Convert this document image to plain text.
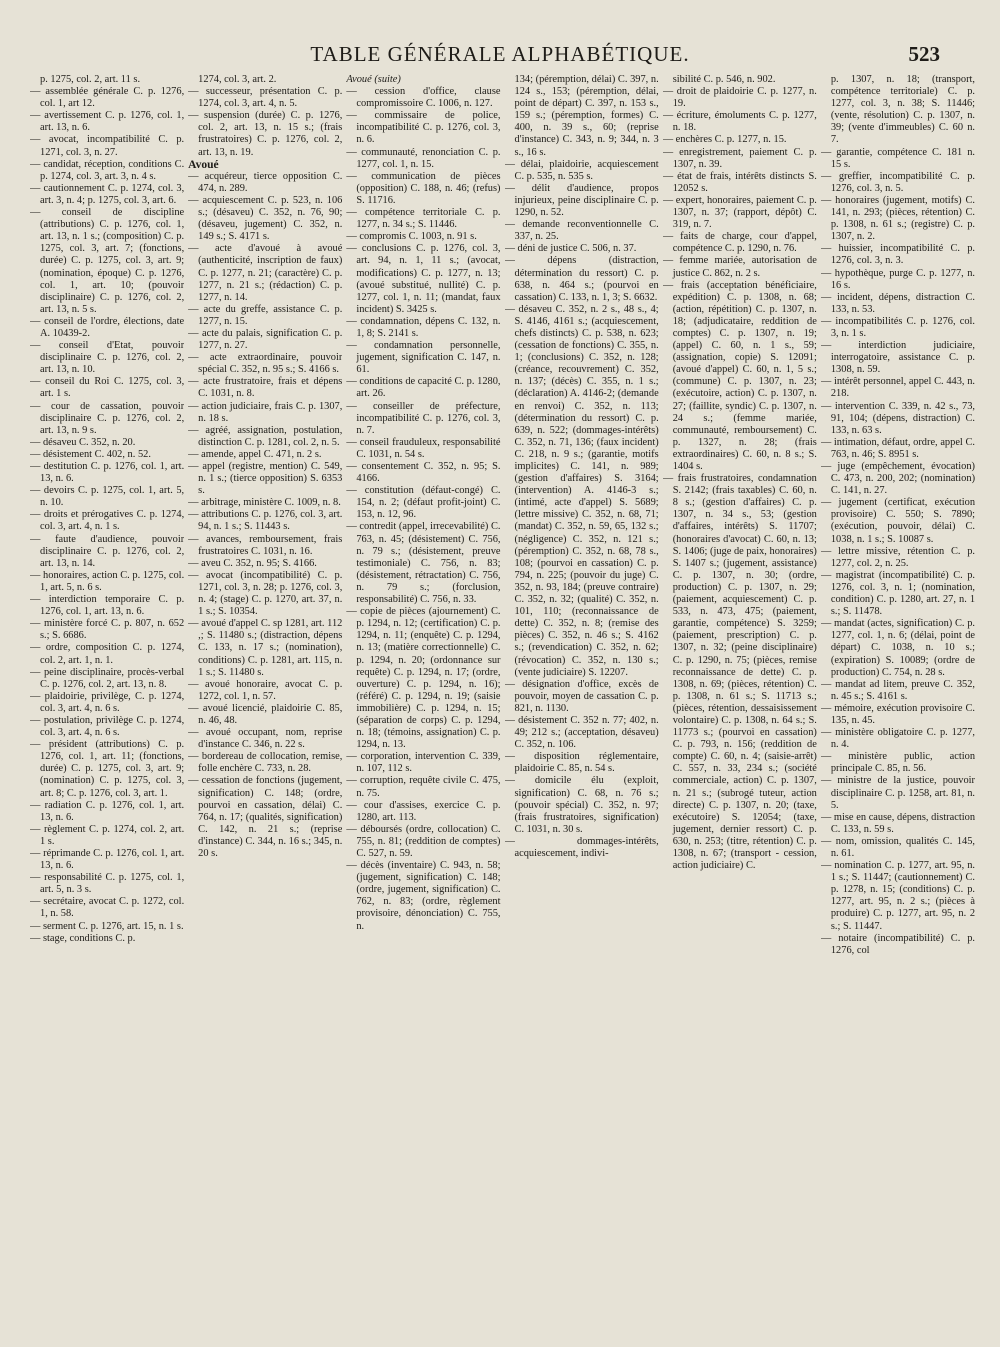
TABLE GÉNÉRALE ALPHABÉTIQUE.	523

p. 1275, col. 2, art. 11 s.

— assemblée générale C. p. 1276, col. 1, art 12.

— avertissement C. p. 1276, col. 1, art. 13, n. 6.

— avocat, incompatibilité C. p. 1271, col. 3, n. 27.

— candidat, réception, conditions C. p. 1274, col. 3, art. 3, n. 4 s.

— cautionnement C. p. 1274, col. 3, art. 3, n. 4; p. 1275, col. 3, art. 6.

— conseil de discipline (attributions) C. p. 1276, col. 1, art. 13, n. 1 s.; (composition) C. p. 1275, col. 3, art. 7; (fonctions, durée) C. p. 1275, col. 3, art. 9; (nomination, époque) C. p. 1276, col. 1, art. 10; (pouvoir disciplinaire) C. p. 1276, col. 2, art. 13, n. 5 s.

— conseil de l'ordre, élections, date A. 10439-2.

— conseil d'Etat, pouvoir disciplinaire C. p. 1276, col. 2, art. 13, n. 10.

— conseil du Roi C. 1275, col. 3, art. 1 s.

— cour de cassation, pouvoir disciplinaire C. p. 1276, col. 2, art. 13, n. 9 s.

— désaveu C. 352, n. 20.

— désistement C. 402, n. 52.

— destitution C. p. 1276, col. 1, art. 13, n. 6.

— devoirs C. p. 1275, col. 1, art. 5, n. 10.

— droits et prérogatives C. p. 1274, col. 3, art. 4, n. 1 s.

— faute d'audience, pouvoir disciplinaire C. p. 1276, col. 2, art. 13, n. 14.

— honoraires, action C. p. 1275, col. 1, art. 5, n. 6 s.

— interdiction temporaire C. p. 1276, col. 1, art. 13, n. 6.

— ministère forcé C. p. 807, n. 652 s.; S. 6686.

— ordre, composition C. p. 1274, col. 2, art. 1, n. 1.

— peine disciplinaire, procès-verbal C. p. 1276, col. 2, art. 13, n. 8.

— plaidoirie, privilège, C. p. 1274, col. 3, art. 4, n. 6 s.

— postulation, privilège C. p. 1274, col. 3, art. 4, n. 6 s.

— président (attributions) C. p. 1276, col. 1, art. 11; (fonctions, durée) C. p. 1275, col. 3, art. 9; (nomination) C. p. 1275, col. 3, art. 8; C. p. 1276, col. 3, art. 1.

— radiation C. p. 1276, col. 1, art. 13, n. 6.

— règlement C. p. 1274, col. 2, art. 1 s.

— réprimande C. p. 1276, col. 1, art. 13, n. 6.

— responsabilité C. p. 1275, col. 1, art. 5, n. 3 s.

— secrétaire, avocat C. p. 1272, col. 1, n. 58.

— serment C. p. 1276, art. 15, n. 1 s.

— stage, conditions C. p.

1274, col. 3, art. 2.

— successeur, présentation C. p. 1274, col. 3, art. 4, n. 5.

— suspension (durée) C. p. 1276, col. 2, art. 13, n. 15 s.; (frais frustratoires) C. p. 1276, col. 2, art. 13, n. 19.

Avoué

— acquéreur, tierce opposition C. 474, n. 289.

— acquiescement C. p. 523, n. 106 s.; (désaveu) C. 352, n. 76, 90; (désaveu, jugement) C. 352, n. 149 s.; S. 4171 s.

— acte d'avoué à avoué (authenticité, inscription de faux) C. p. 1277, n. 21; (caractère) C. p. 1277, n. 21 s.; (rédaction) C. p. 1277, n. 14.

— acte du greffe, assistance C. p. 1277, n. 15.

— acte du palais, signification C. p. 1277, n. 27.

— acte extraordinaire, pouvoir spécial C. 352, n. 95 s.; S. 4166 s.

— acte frustratoire, frais et dépens C. 1031, n. 8.

— action judiciaire, frais C. p. 1307, n. 18 s.

— agréé, assignation, postulation, distinction C. p. 1281, col. 2, n. 5.

— amende, appel C. 471, n. 2 s.

— appel (registre, mention) C. 549, n. 1 s.; (tierce opposition) S. 6353 s.

— arbitrage, ministère C. 1009, n. 8.

— attributions C. p. 1276, col. 3, art. 94, n. 1 s.; S. 11443 s.

— avances, remboursement, frais frustratoires C. 1031, n. 16.

— aveu C. 352, n. 95; S. 4166.

— avocat (incompatibilité) C. p. 1271, col. 3, n. 28; p. 1276, col. 3, n. 4; (stage) C. p. 1270, art. 37, n. 1 s.; S. 10354.

— avoué d'appel C. sp 1281, art. 112 ,; S. 11480 s.; (distraction, dépens C. 133, n. 17 s.; (nomination), conditions) C. p. 1281, art. 115, n. 1 s.; S. 11480 s.

— avoué honoraire, avocat C. p. 1272, col. 1, n. 57.

— avoué licencié, plaidoirie C. 85, n. 46, 48.

— avoué occupant, nom, reprise d'instance C. 346, n. 22 s.

— bordereau de collocation, remise, folle enchère C. 733, n. 28.

— cessation de fonctions (jugement, signification) C. 148; (ordre, pourvoi en cassation, délai) C. 764, n. 17; (qualités, signification) C. 142, n. 21 s.; (reprise d'instance) C. 344, n. 16 s.; 345, n. 20 s.

Avoué (suite)

— cession d'office, clause compromissoire C. 1006, n. 127.

— commissaire de police, incompatibilité C. p. 1276, col. 3, n. 6.

— communauté, renonciation C. p. 1277, col. 1, n. 15.

— communication de pièces (opposition) C. 188, n. 46; (refus) S. 11716.

— compétence territoriale C. p. 1277, n. 34 s.; S. 11446.

— compromis C. 1003, n. 91 s.

— conclusions C. p. 1276, col. 3, art. 94, n. 1, 11 s.; (avocat, modifications) C. p. 1277, n. 13; (avoué substitué, nullité) C. p. 1277, col. 1, n. 11; (mandat, faux incident) S. 3425 s.

— condamnation, dépens C. 132, n. 1, 8; S. 2141 s.

— condamnation personnelle, jugement, signification C. 147, n. 61.

— conditions de capacité C. p. 1280, art. 26.

— conseiller de préfecture, incompatibilité C. p. 1276, col. 3, n. 7.

— conseil frauduleux, responsabilité C. 1031, n. 54 s.

— consentement C. 352, n. 95; S. 4166.

— constitution (défaut-congé) C. 154, n. 2; (défaut profit-joint) C. 153, n. 12, 96.

— contredit (appel, irrecevabilité) C. 763, n. 45; (désistement) C. 756, n. 79 s.; (désistement, preuve testimoniale) C. 756, n. 83; (désistement, rétractation) C. 756, n. 79 s.; (forclusion, responsabilité) C. 756, n. 33.

— copie de pièces (ajournement) C. p. 1294, n. 12; (certification) C. p. 1294, n. 11; (enquête) C. p. 1294, n. 13; (matière correctionnelle) C. p. 1294, n. 20; (ordonnance sur requête) C. p. 1294, n. 17; (ordre, ouverture) C. p. 1294, n. 16); (référé) C. p. 1294, n. 19; (saisie immobilière) C. p. 1294, n. 15; (séparation de corps) C. p. 1294, n. 18; (témoins, assignation) C. p. 1294, n. 13.

— corporation, intervention C. 339, n. 107, 112 s.

— corruption, requête civile C. 475, n. 75.

— cour d'assises, exercice C. p. 1280, art. 113.

— déboursés (ordre, collocation) C. 755, n. 81; (reddition de comptes) C. 527, n. 59.

— décès (inventaire) C. 943, n. 58; (jugement, signification) C. 148; (ordre, jugement, signification) C. 762, n. 83; (ordre, règlement provisoire, dénonciation) C. 755, n.

134; (péremption, délai) C. 397, n. 124 s., 153; (péremption, délai, point de départ) C. 397, n. 153 s., 159 s.; (péremption, formes) C. 400, n. 39 s., 60; (reprise d'instance) C. 343, n. 9; 344, n. 3 s., 16 s.

— délai, plaidoirie, acquiescement C. p. 535, n. 535 s.

— délit d'audience, propos injurieux, peine disciplinaire C. p. 1290, n. 52.

— demande reconventionnelle C. 337, n. 25.

— déni de justice C. 506, n. 37.

— dépens (distraction, détermination du ressort) C. p. 638, n. 464 s.; (pourvoi en cassation) C. 133, n. 1, 3; S. 6632.

— désaveu C. 352, n. 2 s., 48 s., 4; S. 4146, 4161 s.; (acquiescement, chefs distincts) C. p. 538, n. 623; (cessation de fonctions) C. 355, n. 1; (conclusions) C. 352, n. 128; (créance, recouvrement) C. 352, n. 137; (décès) C. 355, n. 1 s.; (déclaration) A. 4146-2; (demande en renvoi) C. 352, n. 113; (détermination du ressort) C. p. 639, n. 522; (dommages-intérêts) C. 352, n. 71, 136; (faux incident) C. 218, n. 9 s.; (garantie, motifs implicites) C. 141, n. 989; (gestion d'affaires) S. 3164; (intervention) A. 4146-3 s.; (intimé, acte d'appel) S. 5689; (lettre missive) C. 352, n. 68, 71; (mandat) C. 352, n. 59, 65, 132 s.; (négligence) C. 352, n. 121 s.; (péremption) C. 352, n. 68, 78 s., 108; (pourvoi en cassation) C. p. 794, n. 225; (pouvoir du juge) C. 352, n. 93, 184; (preuve contraire) C. 352, n. 32; (qualité) C. 352, n. 101, 110; (reconnaissance de dette) C. 352, n. 8; (remise des pièces) C. 352, n. 46 s.; S. 4162 s.; (revendication) C. 352, n. 62; (révocation) C. 352, n. 130 s.; (vente judiciaire) S. 12207.

— désignation d'office, excès de pouvoir, moyen de cassation C. p. 821, n. 1130.

— désistement C. 352 n. 77; 402, n. 49; 212 s.; (acceptation, désaveu) C. 352, n. 106.

— disposition réglementaire, plaidoirie C. 85, n. 54 s.

— domicile élu (exploit, signification) C. 68, n. 76 s.; (pouvoir spécial) C. 352, n. 97; (frais frustratoires, signification) C. 1031, n. 30 s.

— dommages-intérêts, acquiescement, indivi-

sibilité C. p. 546, n. 902.

— droit de plaidoirie C. p. 1277, n. 19.

— écriture, émoluments C. p. 1277, n. 18.

— enchères C. p. 1277, n. 15.

— enregistrement, paiement C. p. 1307, n. 39.

— état de frais, intérêts distincts S. 12052 s.

— expert, honoraires, paiement C. p. 1307, n. 37; (rapport, dépôt) C. 319, n. 7.

— faits de charge, cour d'appel, compétence C. p. 1290, n. 76.

— femme mariée, autorisation de justice C. 862, n. 2 s.

— frais (acceptation bénéficiaire, expédition) C. p. 1308, n. 68; (action, répétition) C. p. 1307, n. 18; (adjudicataire, reddition de comptes) C. p. 1307, n. 19; (appel) C. 60, n. 1 s., 59; (assignation, copie) S. 12091; (avoué d'appel) C. 60, n. 1, 5 s.; (commune) C. p. 1307, n. 23; (exécutoire, action) C. p. 1307, n. 27; (faillite, syndic) C. p. 1307, n. 24 s.; (femme mariée, communauté, remboursement) C. p. 1327, n. 28; (frais extraordinaires) C. 60, n. 8 s.; S. 1404 s.

— frais frustratoires, condamnation S. 2142; (frais taxables) C. 60, n. 8 s.; (gestion d'affaires) C. p. 1307, n. 34 s., 53; (gestion d'affaires, intérêts) S. 11707; (honoraires d'avocat) C. 60, n. 13; S. 1406; (juge de paix, honoraires) S. 1407 s.; (jugement, assistance) C. p. 1307, n. 30; (ordre, production) C. p. 1307, n. 29; (paiement, acquiescement) C. p. 533, n. 473, 475; (paiement, garantie, compétence) S. 3259; (paiement, prescription) C. p. 1307, n. 32; (peine disciplinaire) C. p. 1290, n. 75; (pièces, remise reconnaissance de dette) C. p. 1308, n. 69; (pièces, rétention) C. p. 1308, n. 61 s.; S. 11713 s.; (pièces, rétention, dessaisissement volontaire) C. p. 1308, n. 64 s.; S. 11773 s.; (pourvoi en cassation) C. p. 793, n. 156; (reddition de compte) C. 60, n. 4; (saisie-arrêt) C. 557, n. 33, 234 s.; (société commerciale, action) C. p. 1307, n. 21 s.; (subrogé tuteur, action directe) C. p. 1307, n. 20; (taxe, exécutoire) S. 12054; (taxe, jugement, dernier ressort) C. p. 630, n. 253; (titre, rétention) C. p. 1308, n. 67; (transport - cession, action judiciaire) C.

p. 1307, n. 18; (transport, compétence territoriale) C. p. 1277, col. 3, n. 38; S. 11446; (vente, résolution) C. p. 1307, n. 39; (vente d'immeubles) C. 60 n. 7.

— garantie, compétence C. 181 n. 15 s.

— greffier, incompatibilité C. p. 1276, col. 3, n. 5.

— honoraires (jugement, motifs) C. 141, n. 293; (pièces, rétention) C. p. 1308, n. 61 s.; (registre) C. p. 1307, n. 2.

— huissier, incompatibilité C. p. 1276, col. 3, n. 3.

— hypothèque, purge C. p. 1277, n. 16 s.

— incident, dépens, distraction C. 133, n. 53.

— incompatibilités C. p. 1276, col. 3, n. 1 s.

— interdiction judiciaire, interrogatoire, assistance C. p. 1308, n. 59.

— intérêt personnel, appel C. 443, n. 218.

— intervention C. 339, n. 42 s., 73, 91, 104; (dépens, distraction) C. 133, n. 63 s.

— intimation, défaut, ordre, appel C. 763, n. 46; S. 8951 s.

— juge (empêchement, évocation) C. 473, n. 200, 202; (nomination) C. 141, n. 27.

— jugement (certificat, exécution provisoire) C. 550; S. 7890; (exécution, pouvoir, délai) C. 1038, n. 1 s.; S. 10087 s.

— lettre missive, rétention C. p. 1277, col. 2, n. 25.

— magistrat (incompatibilité) C. p. 1276, col. 3, n. 1; (nomination, condition) C. p. 1280, art. 27, n. 1 s.; S. 11478.

— mandat (actes, signification) C. p. 1277, col. 1, n. 6; (délai, point de départ) C. 1038, n. 10 s.; (expiration) S. 10089; (ordre de production) C. 754, n. 28 s.

— mandat ad litem, preuve C. 352, n. 45 s.; S. 4161 s.

— mémoire, exécution provisoire C. 135, n. 45.

— ministère obligatoire C. p. 1277, n. 4.

— ministère public, action principale C. 85, n. 56.

— ministre de la justice, pouvoir disciplinaire C. p. 1258, art. 81, n. 5.

— mise en cause, dépens, distraction C. 133, n. 59 s.

— nom, omission, qualités C. 145, n. 61.

— nomination C. p. 1277, art. 95, n. 1 s.; S. 11447; (cautionnement) C. p. 1278, n. 15; (conditions) C. p. 1277, art. 95, n. 2 s.; (pièces à produire) C. p. 1277, art. 95, n. 2 s.; S. 11447.

— notaire (incompatibilité) C. p. 1276, col
